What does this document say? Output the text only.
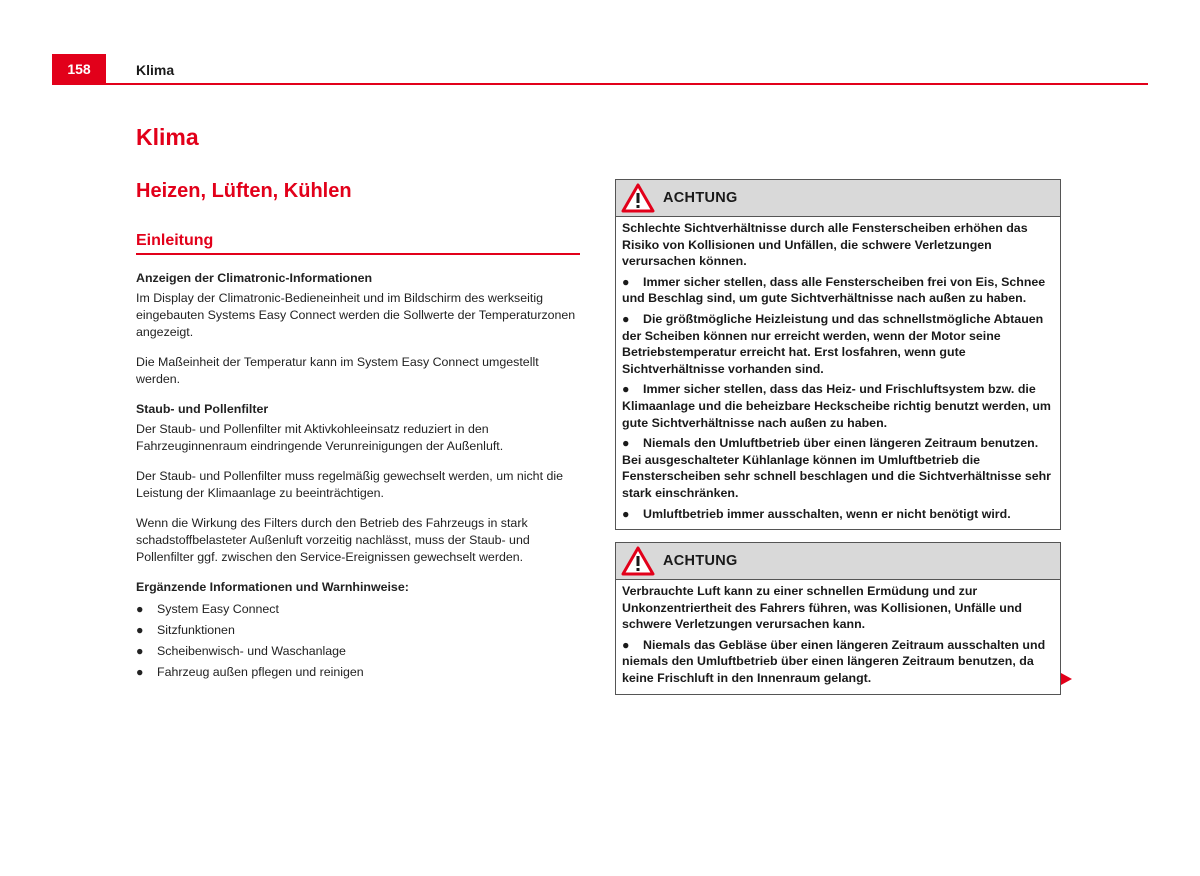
158	Klima
Klima
Heizen, Lüften, Kühlen
Einleitung
Anzeigen der Climatronic-Informationen

Im Display der Climatronic-Bedieneinheit und im Bildschirm des werkseitig eingebauten Systems Easy Connect werden die Sollwerte der Temperaturzonen angezeigt.

Die Maßeinheit der Temperatur kann im System Easy Connect umgestellt werden.

Staub- und Pollenfilter

Der Staub- und Pollenfilter mit Aktivkohleeinsatz reduziert in den Fahrzeuginnenraum eindringende Verunreinigungen der Außenluft.

Der Staub- und Pollenfilter muss regelmäßig gewechselt werden, um nicht die Leistung der Klimaanlage zu beeinträchtigen.

Wenn die Wirkung des Filters durch den Betrieb des Fahrzeugs in stark schadstoffbelasteter Außenluft vorzeitig nachlässt, muss der Staub- und Pollenfilter ggf. zwischen den Service-Ereignissen gewechselt werden.

Ergänzende Informationen und Warnhinweise:
● System Easy Connect
● Sitzfunktionen
● Scheibenwisch- und Waschanlage
● Fahrzeug außen pflegen und reinigen
ACHTUNG

Schlechte Sichtverhältnisse durch alle Fensterscheiben erhöhen das Risiko von Kollisionen und Unfällen, die schwere Verletzungen verursachen können.

● Immer sicher stellen, dass alle Fensterscheiben frei von Eis, Schnee und Beschlag sind, um gute Sichtverhältnisse nach außen zu haben.

● Die größtmögliche Heizleistung und das schnellstmögliche Abtauen der Scheiben können nur erreicht werden, wenn der Motor seine Betriebstemperatur erreicht hat. Erst losfahren, wenn gute Sichtverhältnisse vorhanden sind.

● Immer sicher stellen, dass das Heiz- und Frischluftsystem bzw. die Klimaanlage und die beheizbare Heckscheibe richtig benutzt werden, um gute Sichtverhältnisse nach außen zu haben.

● Niemals den Umluftbetrieb über einen längeren Zeitraum benutzen. Bei ausgeschalteter Kühlanlage können im Umluftbetrieb die Fensterscheiben sehr schnell beschlagen und die Sichtverhältnisse sehr stark einschränken.

● Umluftbetrieb immer ausschalten, wenn er nicht benötigt wird.

ACHTUNG

Verbrauchte Luft kann zu einer schnellen Ermüdung und zur Unkonzentriertheit des Fahrers führen, was Kollisionen, Unfälle und schwere Verletzungen verursachen kann.

● Niemals das Gebläse über einen längeren Zeitraum ausschalten und niemals den Umluftbetrieb über einen längeren Zeitraum benutzen, da keine Frischluft in den Innenraum gelangt.
